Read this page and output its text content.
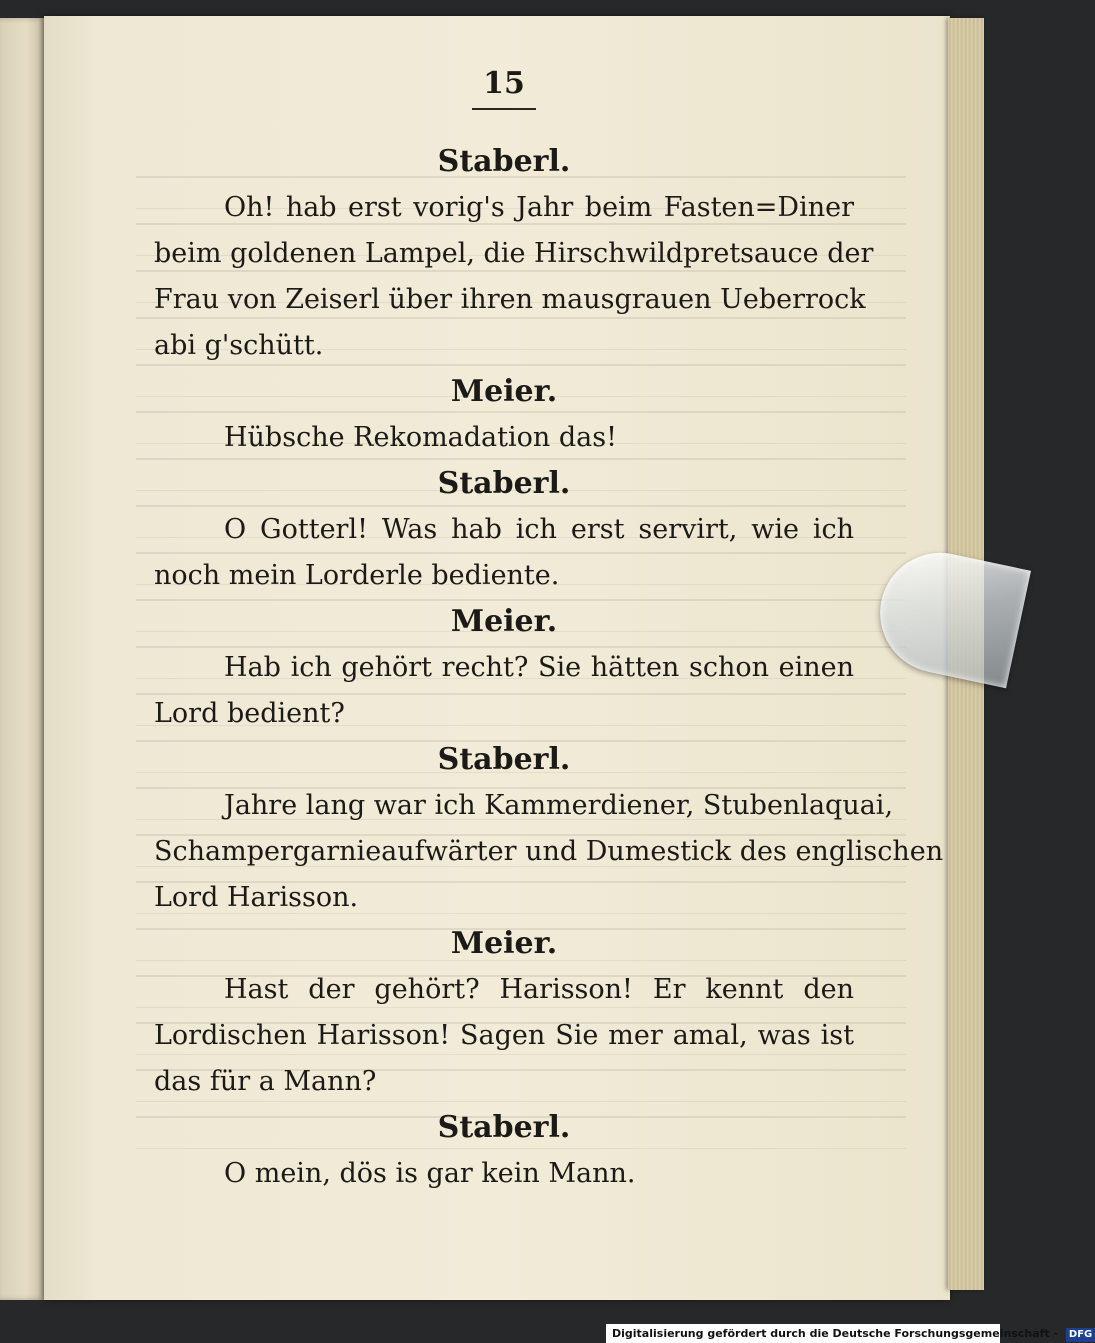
15
Staberl.
Oh! hab erst vorig's Jahr beim Fasten=Diner
beim goldenen Lampel, die Hirschwildpretsauce der
Frau von Zeiserl über ihren mausgrauen Ueberrock
abi g'schütt.
Meier.
Hübsche Rekomadation das!
Staberl.
O Gotterl! Was hab ich erst servirt, wie ich
noch mein Lorderle bediente.
Meier.
Hab ich gehört recht? Sie hätten schon einen
Lord bedient?
Staberl.
Jahre lang war ich Kammerdiener, Stubenlaquai,
Schampergarnieaufwärter und Dumestick des englischen
Lord Harisson.
Meier.
Hast der gehört? Harisson! Er kennt den
Lordischen Harisson! Sagen Sie mer amal, was ist
das für a Mann?
Staberl.
O mein, dös is gar kein Mann.
Digitalisierung gefördert durch die Deutsche Forschungsgemeinschaft - DFG
